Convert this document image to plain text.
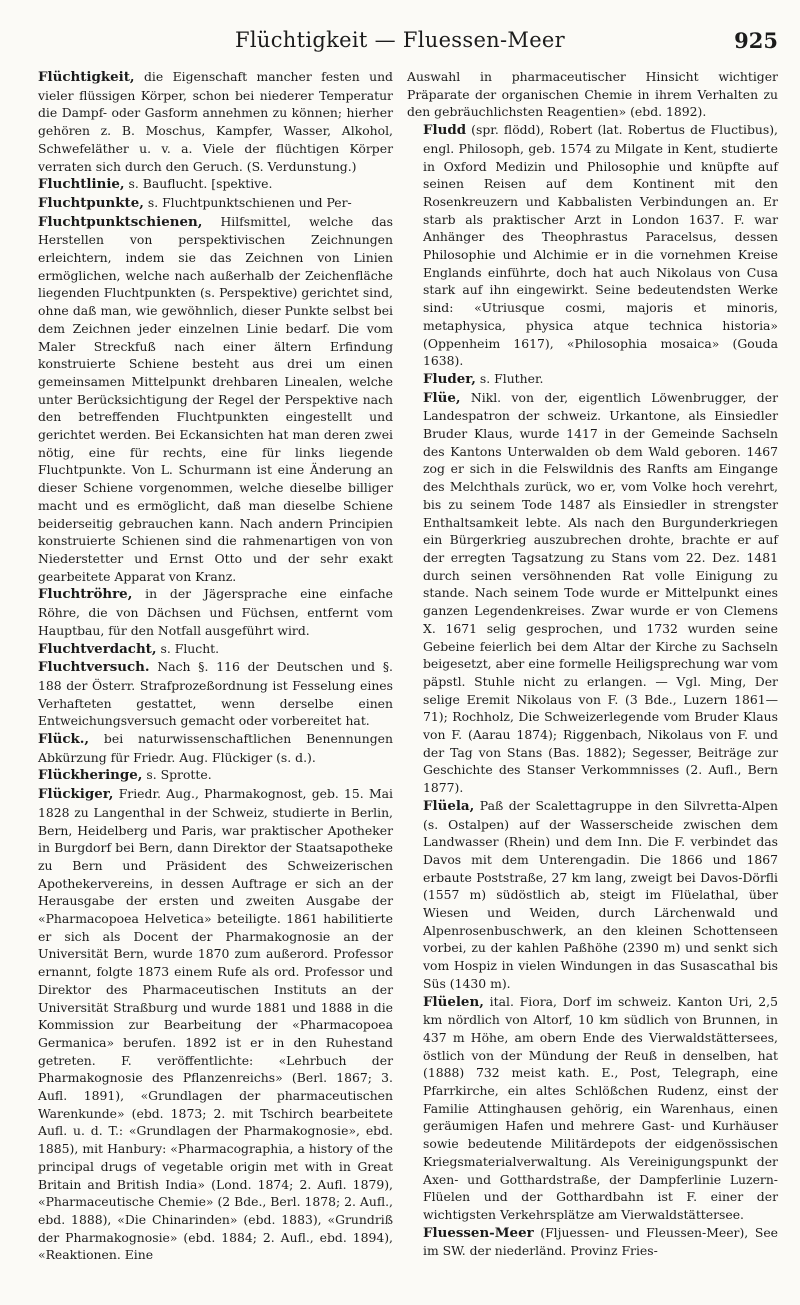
Flüchtigkeit — Fluessen-Meer	925

Flüchtigkeit, die Eigenschaft mancher festen und vieler flüssigen Körper, schon bei niederer Temperatur die Dampf- oder Gasform annehmen zu können; hierher gehören z. B. Moschus, Kampfer, Wasser, Alkohol, Schwefeläther u. v. a. Viele der flüchtigen Körper verraten sich durch den Geruch. (S. Verdunstung.)

Fluchtlinie, s. Bauflucht. [spektive.

Fluchtpunkte, s. Fluchtpunktschienen und Per-

Fluchtpunktschienen, Hilfsmittel, welche das Herstellen von perspektivischen Zeichnungen erleichtern, indem sie das Zeichnen von Linien ermöglichen, welche nach außerhalb der Zeichenfläche liegenden Fluchtpunkten (s. Perspektive) gerichtet sind, ohne daß man, wie gewöhnlich, dieser Punkte selbst bei dem Zeichnen jeder einzelnen Linie bedarf. Die vom Maler Streckfuß nach einer ältern Erfindung konstruierte Schiene besteht aus drei um einen gemeinsamen Mittelpunkt drehbaren Linealen, welche unter Berücksichtigung der Regel der Perspektive nach den betreffenden Fluchtpunkten eingestellt und gerichtet werden. Bei Eckansichten hat man deren zwei nötig, eine für rechts, eine für links liegende Fluchtpunkte. Von L. Schurmann ist eine Änderung an dieser Schiene vorgenommen, welche dieselbe billiger macht und es ermöglicht, daß man dieselbe Schiene beiderseitig gebrauchen kann. Nach andern Principien konstruierte Schienen sind die rahmenartigen von von Niederstetter und Ernst Otto und der sehr exakt gearbeitete Apparat von Kranz.

Fluchtröhre, in der Jägersprache eine einfache Röhre, die von Dächsen und Füchsen, entfernt vom Hauptbau, für den Notfall ausgeführt wird.

Fluchtverdacht, s. Flucht.

Fluchtversuch. Nach §. 116 der Deutschen und §. 188 der Österr. Strafprozeßordnung ist Fesselung eines Verhafteten gestattet, wenn derselbe einen Entweichungsversuch gemacht oder vorbereitet hat.

Flück., bei naturwissenschaftlichen Benennungen Abkürzung für Friedr. Aug. Flückiger (s. d.).

Flückheringe, s. Sprotte.

Flückiger, Friedr. Aug., Pharmakognost, geb. 15. Mai 1828 zu Langenthal in der Schweiz, studierte in Berlin, Bern, Heidelberg und Paris, war praktischer Apotheker in Burgdorf bei Bern, dann Direktor der Staatsapotheke zu Bern und Präsident des Schweizerischen Apothekervereins, in dessen Auftrage er sich an der Herausgabe der ersten und zweiten Ausgabe der «Pharmacopoea Helvetica» beteiligte. 1861 habilitierte er sich als Docent der Pharmakognosie an der Universität Bern, wurde 1870 zum außerord. Professor ernannt, folgte 1873 einem Rufe als ord. Professor und Direktor des Pharmaceutischen Instituts an der Universität Straßburg und wurde 1881 und 1888 in die Kommission zur Bearbeitung der «Pharmacopoea Germanica» berufen. 1892 ist er in den Ruhestand getreten. F. veröffentlichte: «Lehrbuch der Pharmakognosie des Pflanzenreichs» (Berl. 1867; 3. Aufl. 1891), «Grundlagen der pharmaceutischen Warenkunde» (ebd. 1873; 2. mit Tschirch bearbeitete Aufl. u. d. T.: «Grundlagen der Pharmakognosie», ebd. 1885), mit Hanbury: «Pharmacographia, a history of the principal drugs of vegetable origin met with in Great Britain and British India» (Lond. 1874; 2. Aufl. 1879), «Pharmaceutische Chemie» (2 Bde., Berl. 1878; 2. Aufl., ebd. 1888), «Die Chinarinden» (ebd. 1883), «Grundriß der Pharmakognosie» (ebd. 1884; 2. Aufl., ebd. 1894), «Reaktionen. Eine

Auswahl in pharmaceutischer Hinsicht wichtiger Präparate der organischen Chemie in ihrem Verhalten zu den gebräuchlichsten Reagentien» (ebd. 1892).

Fludd (spr. flödd), Robert (lat. Robertus de Fluctibus), engl. Philosoph, geb. 1574 zu Milgate in Kent, studierte in Oxford Medizin und Philosophie und knüpfte auf seinen Reisen auf dem Kontinent mit den Rosenkreuzern und Kabbalisten Verbindungen an. Er starb als praktischer Arzt in London 1637. F. war Anhänger des Theophrastus Paracelsus, dessen Philosophie und Alchimie er in die vornehmen Kreise Englands einführte, doch hat auch Nikolaus von Cusa stark auf ihn eingewirkt. Seine bedeutendsten Werke sind: «Utriusque cosmi, majoris et minoris, metaphysica, physica atque technica historia» (Oppenheim 1617), «Philosophia mosaica» (Gouda 1638).

Fluder, s. Fluther.

Flüe, Nikl. von der, eigentlich Löwenbrugger, der Landespatron der schweiz. Urkantone, als Einsiedler Bruder Klaus, wurde 1417 in der Gemeinde Sachseln des Kantons Unterwalden ob dem Wald geboren. 1467 zog er sich in die Felswildnis des Ranfts am Eingange des Melchthals zurück, wo er, vom Volke hoch verehrt, bis zu seinem Tode 1487 als Einsiedler in strengster Enthaltsamkeit lebte. Als nach den Burgunderkriegen ein Bürgerkrieg auszubrechen drohte, brachte er auf der erregten Tagsatzung zu Stans vom 22. Dez. 1481 durch seinen versöhnenden Rat volle Einigung zu stande. Nach seinem Tode wurde er Mittelpunkt eines ganzen Legendenkreises. Zwar wurde er von Clemens X. 1671 selig gesprochen, und 1732 wurden seine Gebeine feierlich bei dem Altar der Kirche zu Sachseln beigesetzt, aber eine formelle Heiligsprechung war vom päpstl. Stuhle nicht zu erlangen. — Vgl. Ming, Der selige Eremit Nikolaus von F. (3 Bde., Luzern 1861—71); Rochholz, Die Schweizerlegende vom Bruder Klaus von F. (Aarau 1874); Riggenbach, Nikolaus von F. und der Tag von Stans (Bas. 1882); Segesser, Beiträge zur Geschichte des Stanser Verkommnisses (2. Aufl., Bern 1877).

Flüela, Paß der Scalettagruppe in den Silvretta-Alpen (s. Ostalpen) auf der Wasserscheide zwischen dem Landwasser (Rhein) und dem Inn. Die F. verbindet das Davos mit dem Unterengadin. Die 1866 und 1867 erbaute Poststraße, 27 km lang, zweigt bei Davos-Dörfli (1557 m) südöstlich ab, steigt im Flüelathal, über Wiesen und Weiden, durch Lärchenwald und Alpenrosenbuschwerk, an den kleinen Schottenseen vorbei, zu der kahlen Paßhöhe (2390 m) und senkt sich vom Hospiz in vielen Windungen in das Susascathal bis Süs (1430 m).

Flüelen, ital. Fiora, Dorf im schweiz. Kanton Uri, 2,5 km nördlich von Altorf, 10 km südlich von Brunnen, in 437 m Höhe, am obern Ende des Vierwaldstättersees, östlich von der Mündung der Reuß in denselben, hat (1888) 732 meist kath. E., Post, Telegraph, eine Pfarrkirche, ein altes Schlößchen Rudenz, einst der Familie Attinghausen gehörig, ein Warenhaus, einen geräumigen Hafen und mehrere Gast- und Kurhäuser sowie bedeutende Militärdepots der eidgenössischen Kriegsmaterialverwaltung. Als Vereinigungspunkt der Axen- und Gotthardstraße, der Dampferlinie Luzern-Flüelen und der Gotthardbahn ist F. einer der wichtigsten Verkehrsplätze am Vierwaldstättersee.

Fluessen-Meer (Fljuessen- und Fleussen-Meer), See im SW. der niederländ. Provinz Fries-
